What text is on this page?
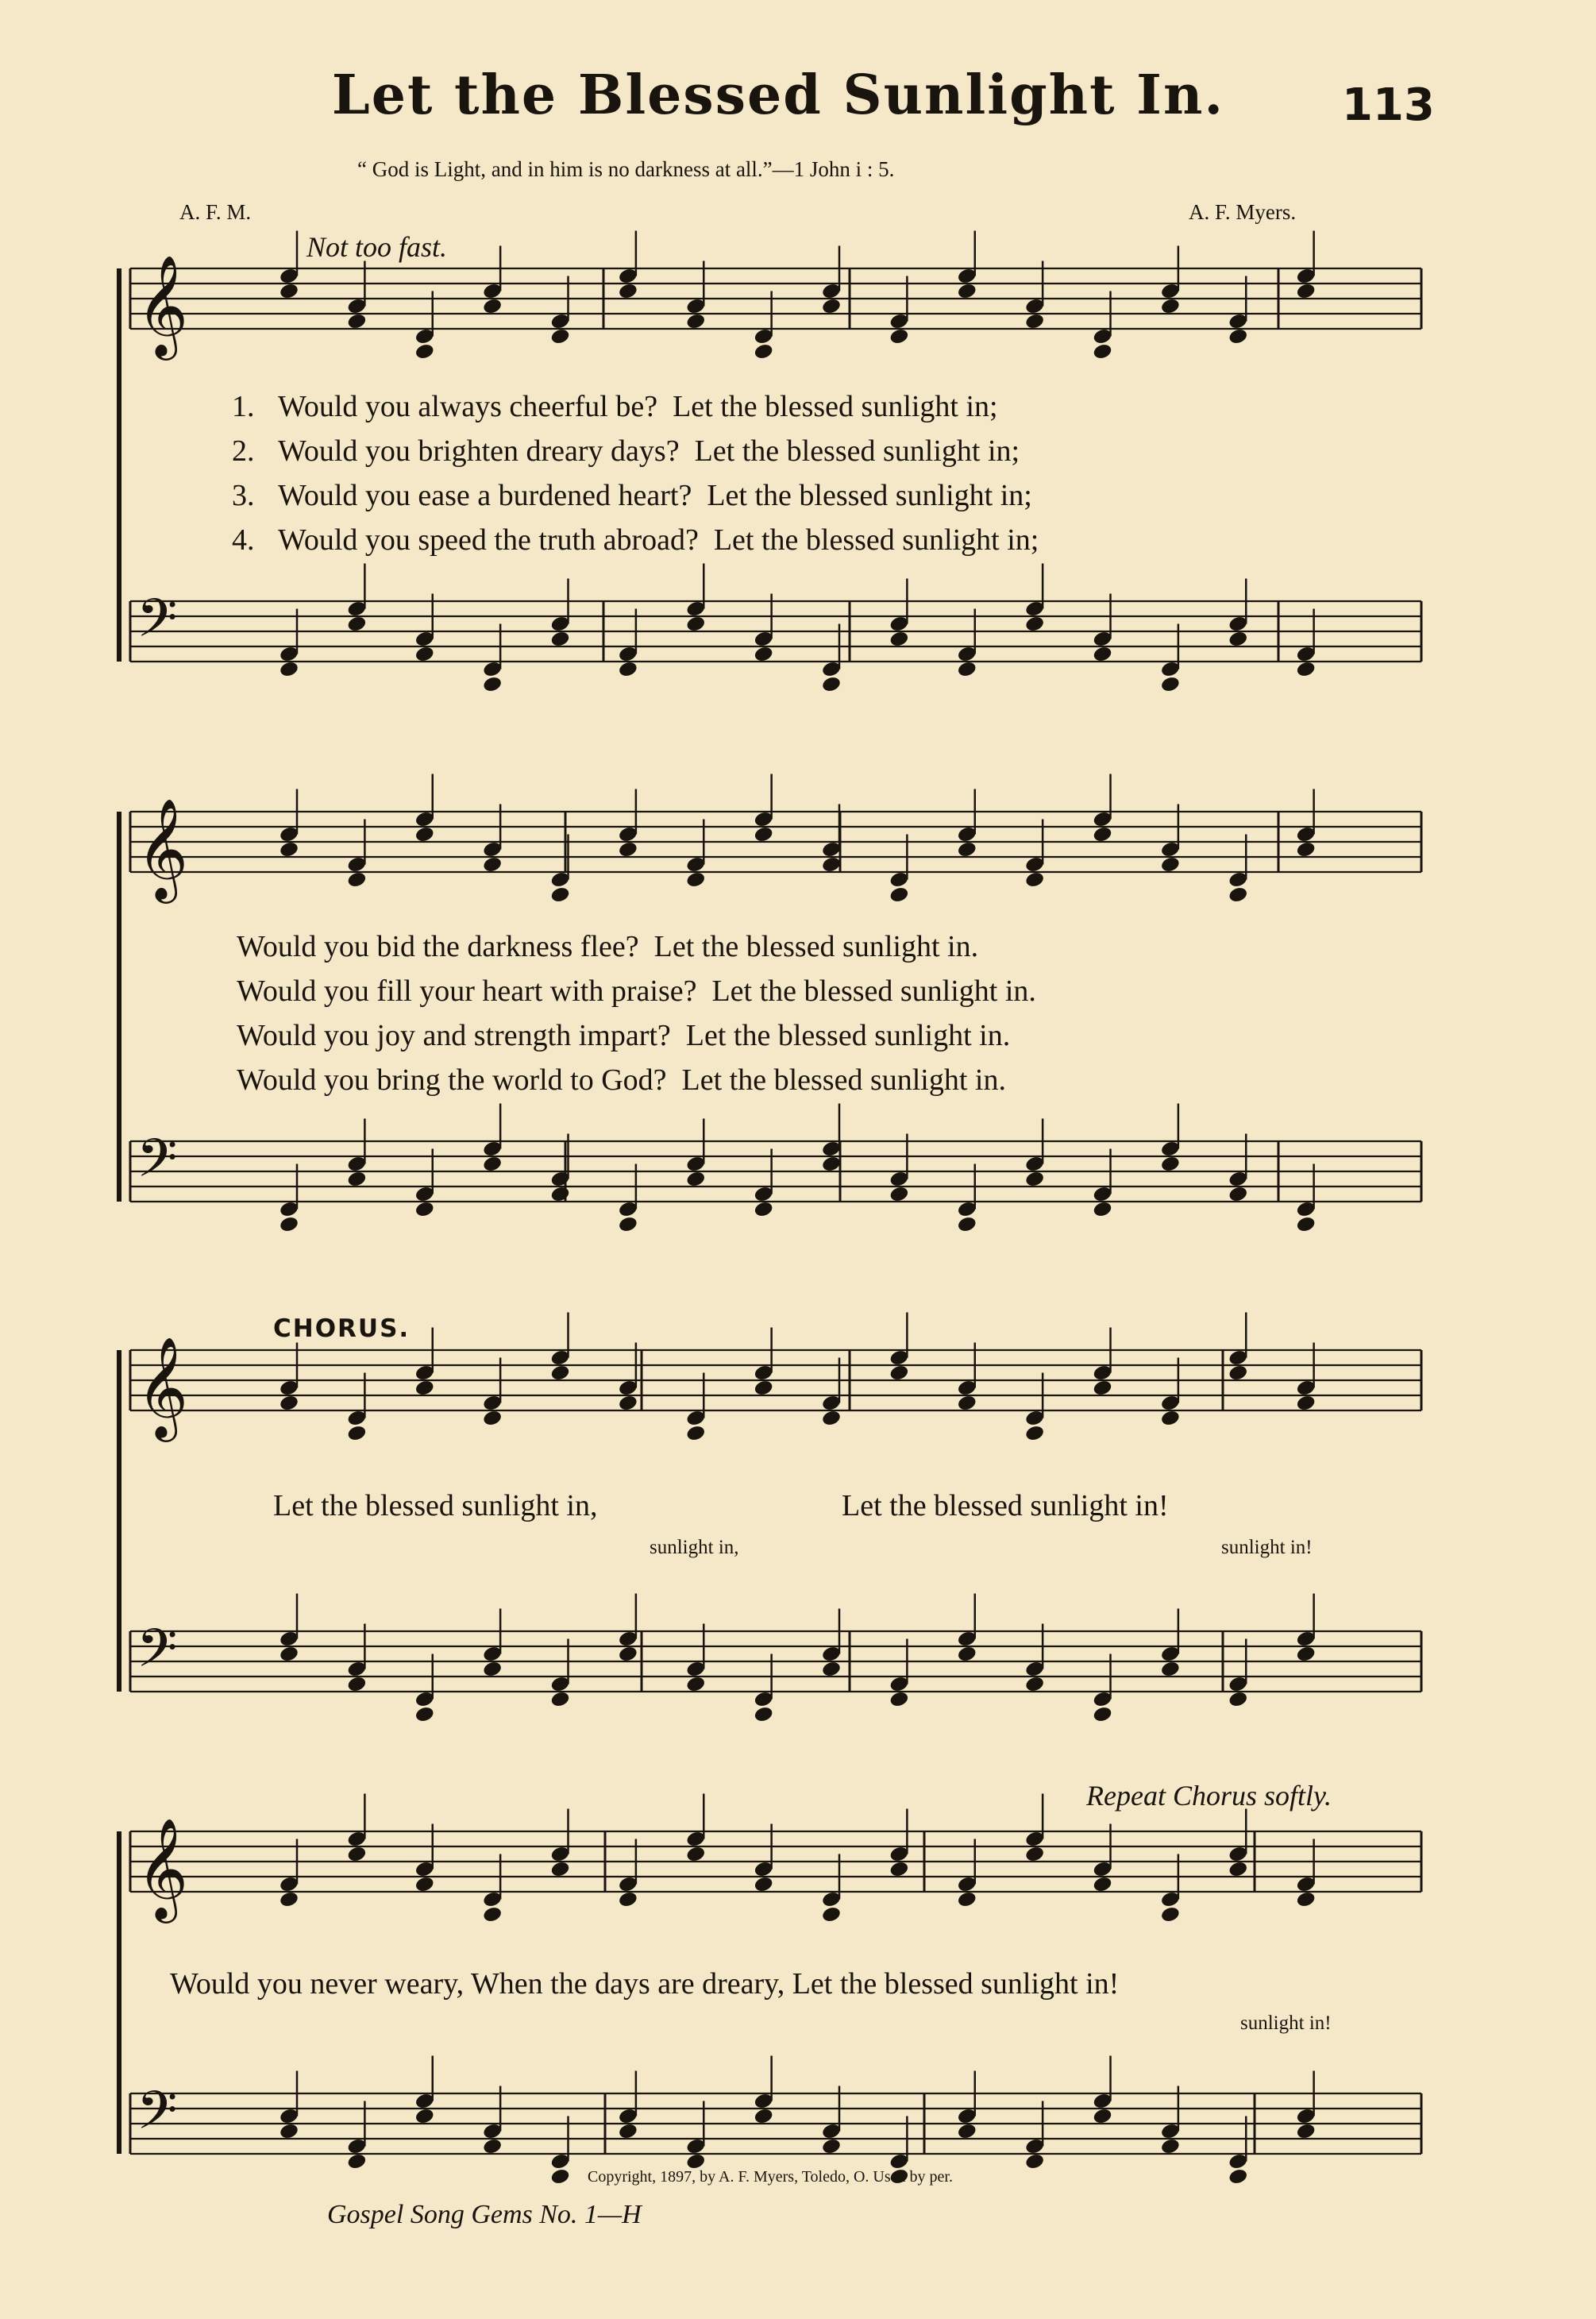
𝄞
𝄢
𝄞
𝄢
𝄞
𝄢
𝄞
𝄢
Let the Blessed Sunlight In.	113
“ God is Light, and in him is no darkness at all.”—1 John i : 5.
A. F. M.	A. F. Myers.
Not too fast.
1.
2.
3.
4.
Would you always cheerful be?  Let the blessed sunlight in;
Would you brighten dreary days?  Let the blessed sunlight in;
Would you ease a burdened heart?  Let the blessed sunlight in;
Would you speed the truth abroad?  Let the blessed sunlight in;
Would you bid the darkness flee?  Let the blessed sunlight in.
Would you fill your heart with praise?  Let the blessed sunlight in.
Would you joy and strength impart?  Let the blessed sunlight in.
Would you bring the world to God?  Let the blessed sunlight in.
CHORUS.
Let the blessed sunlight in,	Let the blessed sunlight in!
sunlight in,	sunlight in!
Repeat Chorus softly.
Would you never weary, When the days are dreary, Let the blessed sunlight in!
sunlight in!
Copyright, 1897, by A. F. Myers, Toledo, O. Used by per.
Gospel Song Gems No. 1—H
